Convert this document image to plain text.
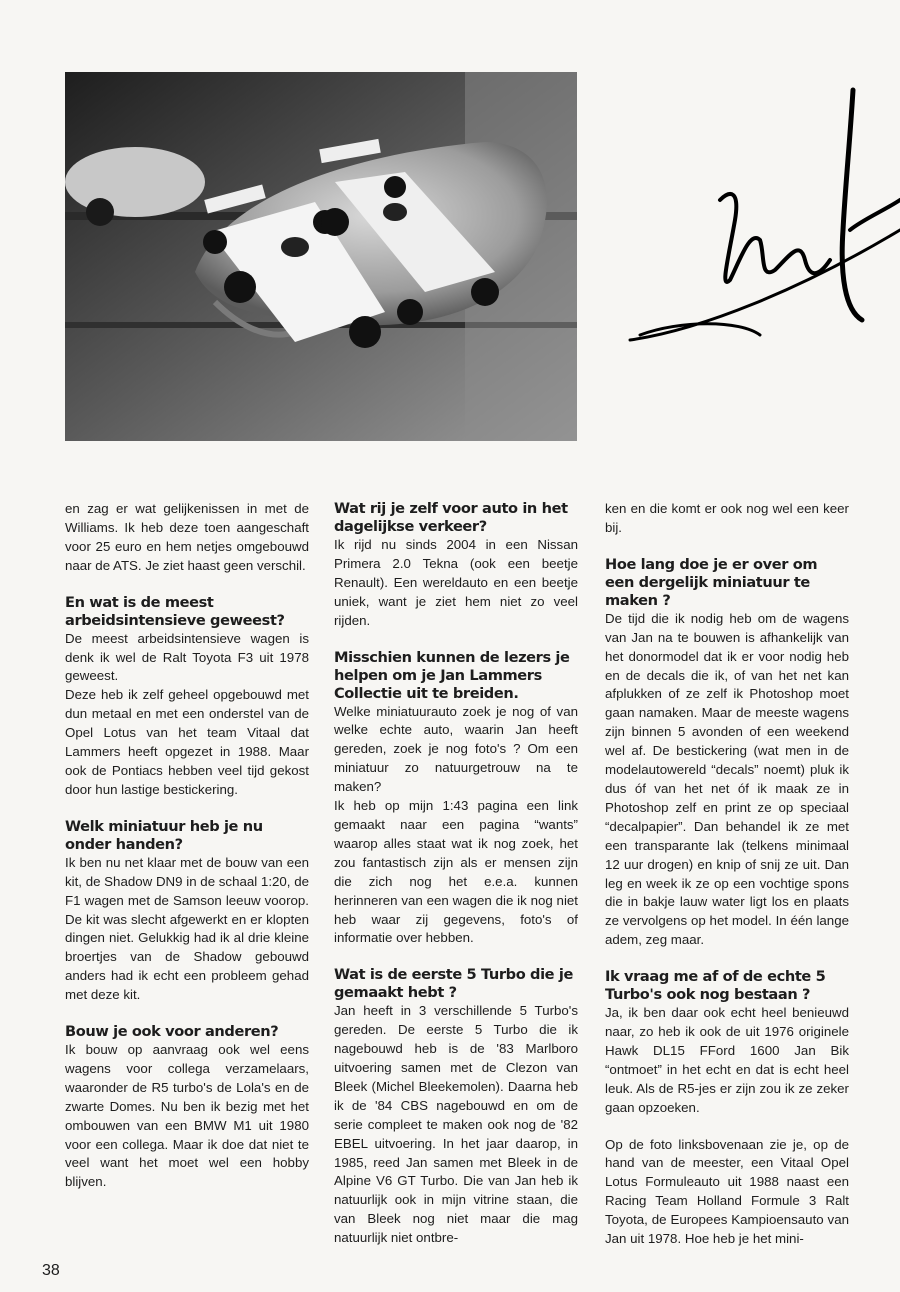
en zag er wat gelijkenissen in met de Williams. Ik heb deze toen aangeschaft voor 25 euro en hem netjes omgebouwd naar de ATS. Je ziet haast geen verschil.

En wat is de meest arbeidsintensieve geweest?

De meest arbeidsintensieve wagen is denk ik wel de Ralt Toyota F3 uit 1978 geweest.

Deze heb ik zelf geheel opgebouwd met dun metaal en met een onderstel van de Opel Lotus van het team Vitaal dat Lammers heeft opgezet in 1988. Maar ook de Pontiacs hebben veel tijd gekost door hun lastige bestickering.

Welk miniatuur heb je nu onder handen?

Ik ben nu net klaar met de bouw van een kit, de Shadow DN9 in de schaal 1:20, de F1 wagen met de Samson leeuw voorop. De kit was slecht afgewerkt en er klopten dingen niet. Gelukkig had ik al drie kleine broertjes van de Shadow gebouwd anders had ik echt een probleem gehad met deze kit.

Bouw je ook voor anderen?

Ik bouw op aanvraag ook wel eens wagens voor collega verzamelaars, waaronder de R5 turbo's de Lola's en de zwarte Domes. Nu ben ik bezig met het ombouwen van een BMW M1 uit 1980 voor een collega. Maar ik doe dat niet te veel want het moet wel een hobby blijven.

Wat rij je zelf voor auto in het dagelijkse verkeer?

Ik rijd nu sinds 2004 in een Nissan Primera 2.0 Tekna (ook een beetje Renault). Een wereldauto en een beetje uniek, want je ziet hem niet zo veel rijden.

Misschien kunnen de lezers je helpen om je Jan Lammers Collectie uit te breiden.

Welke miniatuurauto zoek je nog of van welke echte auto, waarin Jan heeft gereden, zoek je nog foto's ? Om een miniatuur zo natuurgetrouw na te maken?

Ik heb op mijn 1:43 pagina een link gemaakt naar een pagina “wants” waarop alles staat wat ik nog zoek, het zou fantastisch zijn als er mensen zijn die zich nog het e.e.a. kunnen herinneren van een wagen die ik nog niet heb waar zij gegevens, foto's of informatie over hebben.

Wat is de eerste 5 Turbo die je gemaakt hebt ?

Jan heeft in 3 verschillende 5 Turbo's gereden. De eerste 5 Turbo die ik nagebouwd heb is de '83 Marlboro uitvoering samen met de Clezon van Bleek (Michel Bleekemolen). Daarna heb ik de '84 CBS nagebouwd en om de serie compleet te maken ook nog de '82 EBEL uitvoering. In het jaar daarop, in 1985, reed Jan samen met Bleek in de Alpine V6 GT Turbo. Die van Jan heb ik natuurlijk ook in mijn vitrine staan, die van Bleek nog niet maar die mag natuurlijk niet ontbre-

ken en die komt er ook nog wel een keer bij.

Hoe lang doe je er over om een dergelijk miniatuur te maken ?

De tijd die ik nodig heb om de wagens van Jan na te bouwen is afhankelijk van het donormodel dat ik er voor nodig heb en de decals die ik, of van het net kan afplukken of ze zelf ik Photoshop moet gaan namaken. Maar de meeste wagens zijn binnen 5 avonden of een weekend wel af. De bestickering (wat men in de modelautowereld “decals” noemt) pluk ik dus óf van het net óf ik maak ze in Photoshop zelf en print ze op speciaal “decalpapier”. Dan behandel ik ze met een transparante lak (telkens minimaal 12 uur drogen) en knip of snij ze uit. Dan leg en week ik ze op een vochtige spons die in bakje lauw water ligt los en plaats ze vervolgens op het model. In één lange adem, zeg maar.

Ik vraag me af of de echte 5 Turbo's ook nog bestaan ?

Ja, ik ben daar ook echt heel benieuwd naar, zo heb ik ook de uit 1976 originele Hawk DL15 FFord 1600 Jan Bik “ontmoet” in het echt en dat is echt heel leuk. Als de R5-jes er zijn zou ik ze zeker gaan opzoeken.

Op de foto linksbovenaan zie je, op de hand van de meester, een Vitaal Opel Lotus Formuleauto uit 1988 naast een Racing Team Holland Formule 3 Ralt Toyota, de Europees Kampioensauto van Jan uit 1978. Hoe heb je het mini-

38
